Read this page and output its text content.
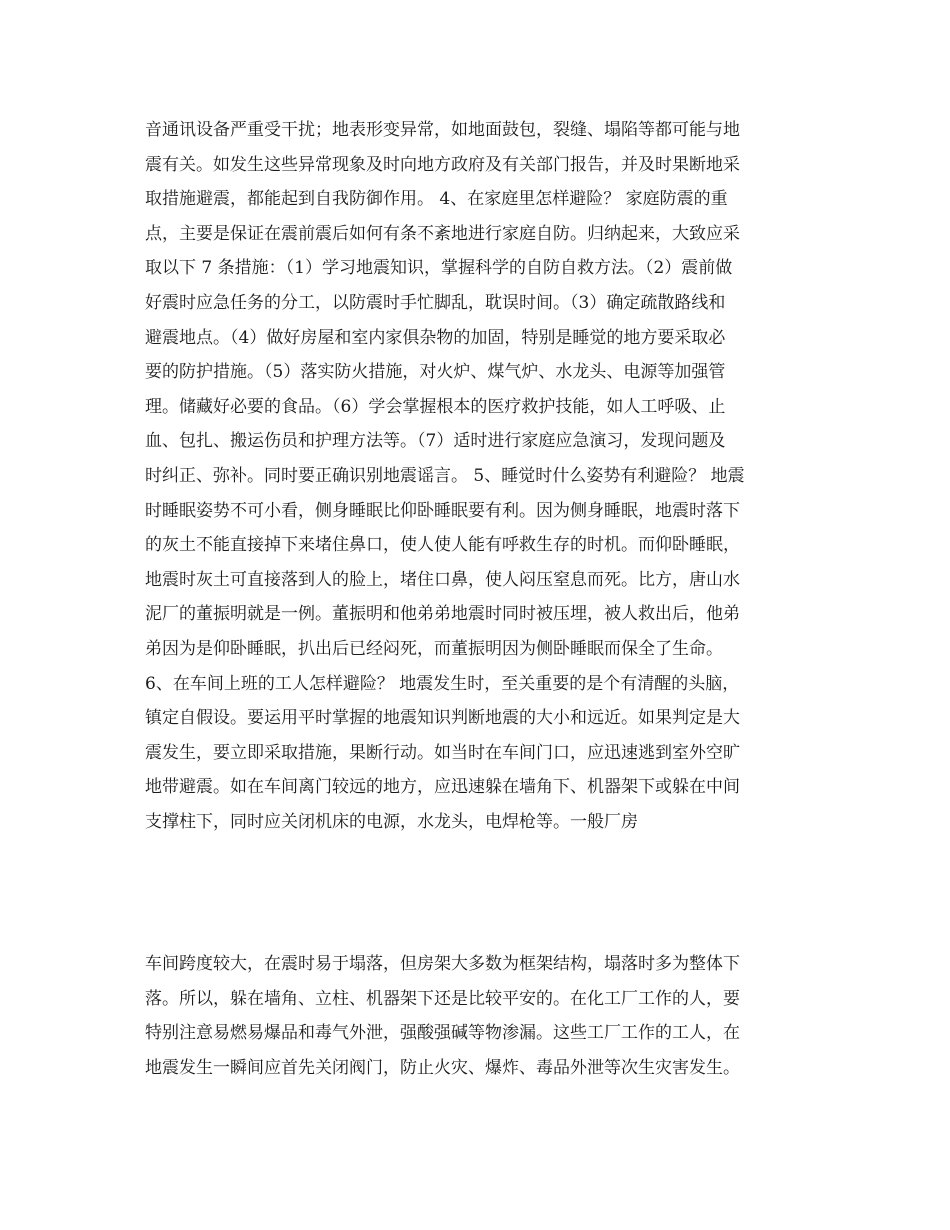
音通讯设备严重受干扰；地表形变异常，如地面鼓包，裂缝、塌陷等都可能与地
震有关。如发生这些异常现象及时向地方政府及有关部门报告，并及时果断地采
取措施避震，都能起到自我防御作用。 4、在家庭里怎样避险？ 家庭防震的重
点，主要是保证在震前震后如何有条不紊地进行家庭自防。归纳起来，大致应采
取以下 7 条措施：（1）学习地震知识，掌握科学的自防自救方法。（2）震前做
好震时应急任务的分工，以防震时手忙脚乱，耽误时间。（3）确定疏散路线和
避震地点。（4）做好房屋和室内家俱杂物的加固，特别是睡觉的地方要采取必
要的防护措施。（5）落实防火措施，对火炉、煤气炉、水龙头、电源等加强管
理。储藏好必要的食品。（6）学会掌握根本的医疗救护技能，如人工呼吸、止
血、包扎、搬运伤员和护理方法等。（7）适时进行家庭应急演习，发现问题及
时纠正、弥补。同时要正确识别地震谣言。 5、睡觉时什么姿势有利避险？ 地震
时睡眠姿势不可小看，侧身睡眠比仰卧睡眠要有利。因为侧身睡眠，地震时落下
的灰土不能直接掉下来堵住鼻口，使人使人能有呼救生存的时机。而仰卧睡眠，
地震时灰土可直接落到人的脸上，堵住口鼻，使人闷压窒息而死。比方，唐山水
泥厂的董振明就是一例。董振明和他弟弟地震时同时被压埋，被人救出后，他弟
弟因为是仰卧睡眠，扒出后已经闷死，而董振明因为侧卧睡眠而保全了生命。
6、在车间上班的工人怎样避险？ 地震发生时，至关重要的是个有清醒的头脑，
镇定自假设。要运用平时掌握的地震知识判断地震的大小和远近。如果判定是大
震发生，要立即采取措施，果断行动。如当时在车间门口，应迅速逃到室外空旷
地带避震。如在车间离门较远的地方，应迅速躲在墙角下、机器架下或躲在中间
支撑柱下，同时应关闭机床的电源，水龙头，电焊枪等。一般厂房
车间跨度较大，在震时易于塌落，但房架大多数为框架结构，塌落时多为整体下
落。所以，躲在墙角、立柱、机器架下还是比较平安的。在化工厂工作的人，要
特别注意易燃易爆品和毒气外泄，强酸强碱等物渗漏。这些工厂工作的工人，在
地震发生一瞬间应首先关闭阀门，防止火灾、爆炸、毒品外泄等次生灾害发生。
